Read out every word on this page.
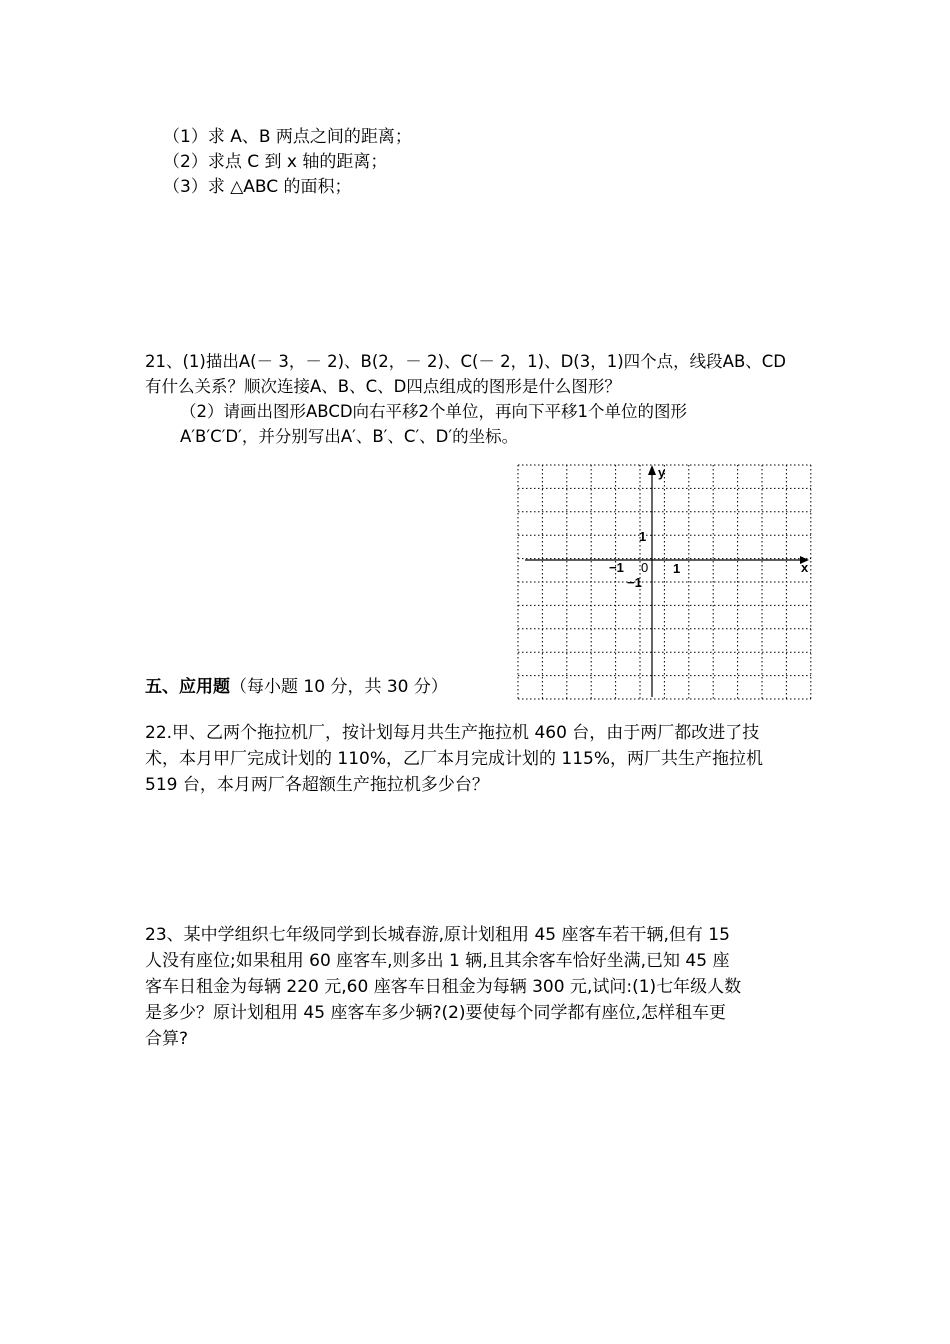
（1）求 A、B 两点之间的距离；
（2）求点 C 到 x 轴的距离；
（3）求 △ABC 的面积；
21、(1)描出A(－ 3，－ 2)、B(2，－ 2)、C(－ 2，1)、D(3，1)四个点，线段AB、CD
有什么关系？顺次连接A、B、C、D四点组成的图形是什么图形？
（2）请画出图形ABCD向右平移2个单位，再向下平移1个单位的图形
A′B′C′D′，并分别写出A′、B′、C′、D′的坐标。
x
y
0 1
−1
1
−1
五、应用题（每小题 10 分，共 30 分）
22.甲、乙两个拖拉机厂，按计划每月共生产拖拉机 460 台，由于两厂都改进了技
术，本月甲厂完成计划的 110%，乙厂本月完成计划的 115%，两厂共生产拖拉机
519 台，本月两厂各超额生产拖拉机多少台？
23、某中学组织七年级同学到长城春游,原计划租用 45 座客车若干辆,但有 15
人没有座位;如果租用 60 座客车,则多出 1 辆,且其余客车恰好坐满,已知 45 座
客车日租金为每辆 220 元,60 座客车日租金为每辆 300 元,试问:(1)七年级人数
是多少？原计划租用 45 座客车多少辆?(2)要使每个同学都有座位,怎样租车更
合算?
